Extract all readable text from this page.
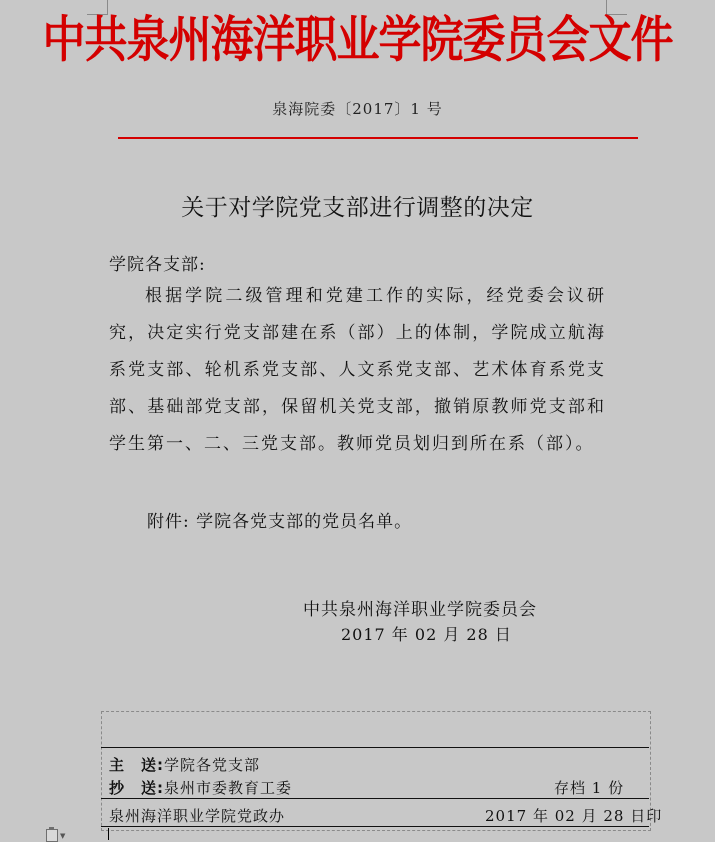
中共泉州海洋职业学院委员会文件
泉海院委〔2017〕1 号
关于对学院党支部进行调整的决定
学院各支部:
根据学院二级管理和党建工作的实际，经党委会议研究，决定实行党支部建在系（部）上的体制，学院成立航海系党支部、轮机系党支部、人文系党支部、艺术体育系党支部、基础部党支部，保留机关党支部，撤销原教师党支部和学生第一、二、三党支部。教师党员划归到所在系（部）。
附件: 学院各党支部的党员名单。
中共泉州海洋职业学院委员会
2017 年 02 月 28 日
主　送:学院各党支部
抄　送:泉州市委教育工委	存档 1 份
泉州海洋职业学院党政办	2017 年 02 月 28 日印
▼
